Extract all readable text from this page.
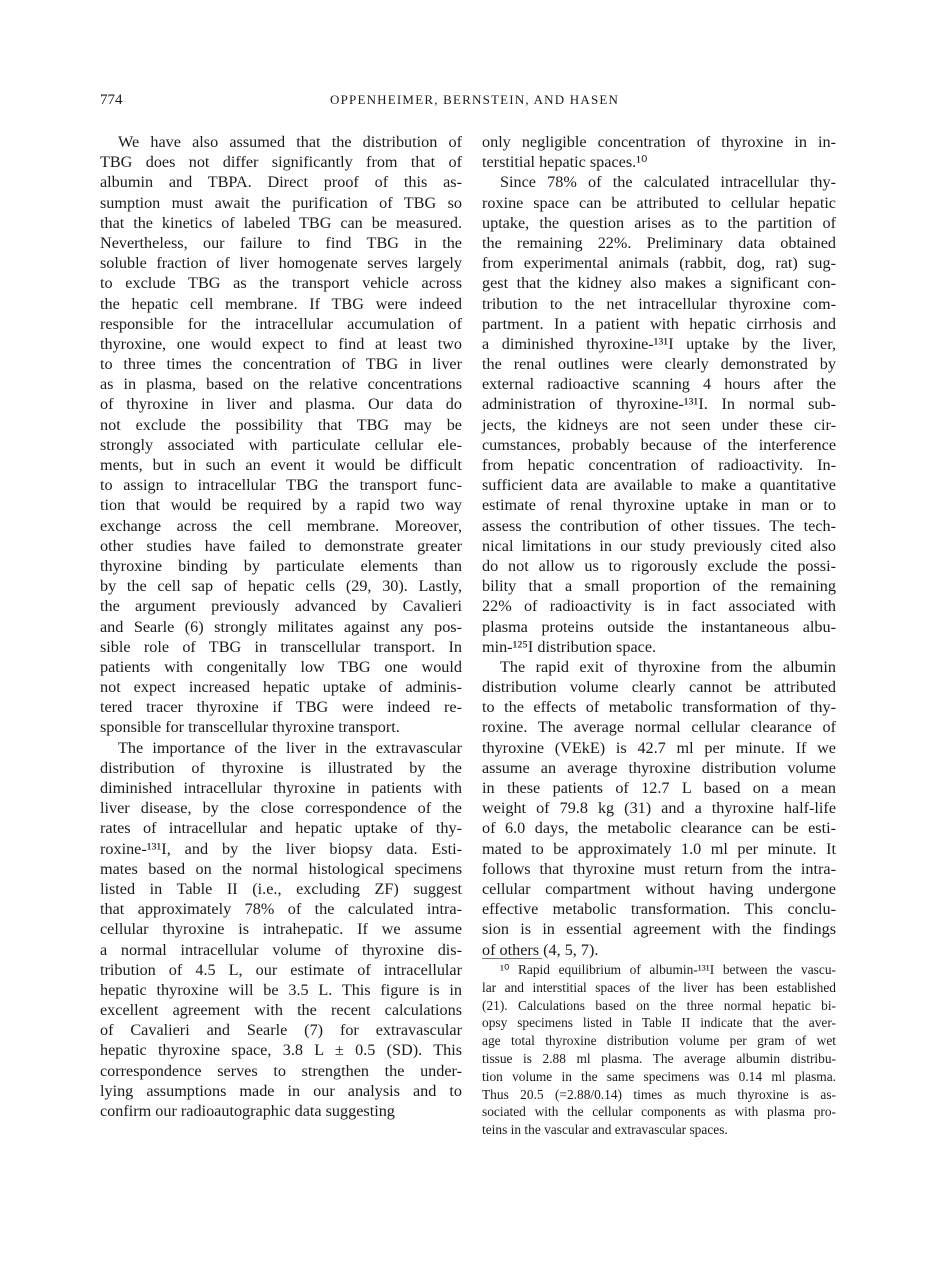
774	OPPENHEIMER, BERNSTEIN, AND HASEN
We have also assumed that the distribution of
TBG does not differ significantly from that of
albumin and TBPA. Direct proof of this as-
sumption must await the purification of TBG so
that the kinetics of labeled TBG can be measured.
Nevertheless, our failure to find TBG in the
soluble fraction of liver homogenate serves largely
to exclude TBG as the transport vehicle across
the hepatic cell membrane. If TBG were indeed
responsible for the intracellular accumulation of
thyroxine, one would expect to find at least two
to three times the concentration of TBG in liver
as in plasma, based on the relative concentrations
of thyroxine in liver and plasma. Our data do
not exclude the possibility that TBG may be
strongly associated with particulate cellular ele-
ments, but in such an event it would be difficult
to assign to intracellular TBG the transport func-
tion that would be required by a rapid two way
exchange across the cell membrane. Moreover,
other studies have failed to demonstrate greater
thyroxine binding by particulate elements than
by the cell sap of hepatic cells (29, 30). Lastly,
the argument previously advanced by Cavalieri
and Searle (6) strongly militates against any pos-
sible role of TBG in transcellular transport. In
patients with congenitally low TBG one would
not expect increased hepatic uptake of adminis-
tered tracer thyroxine if TBG were indeed re-
sponsible for transcellular thyroxine transport.
The importance of the liver in the extravascular
distribution of thyroxine is illustrated by the
diminished intracellular thyroxine in patients with
liver disease, by the close correspondence of the
rates of intracellular and hepatic uptake of thy-
roxine-¹³¹I, and by the liver biopsy data. Esti-
mates based on the normal histological specimens
listed in Table II (i.e., excluding ZF) suggest
that approximately 78% of the calculated intra-
cellular thyroxine is intrahepatic. If we assume
a normal intracellular volume of thyroxine dis-
tribution of 4.5 L, our estimate of intracellular
hepatic thyroxine will be 3.5 L. This figure is in
excellent agreement with the recent calculations
of Cavalieri and Searle (7) for extravascular
hepatic thyroxine space, 3.8 L ± 0.5 (SD). This
correspondence serves to strengthen the under-
lying assumptions made in our analysis and to
confirm our radioautographic data suggesting
only negligible concentration of thyroxine in in-
terstitial hepatic spaces.¹⁰
Since 78% of the calculated intracellular thy-
roxine space can be attributed to cellular hepatic
uptake, the question arises as to the partition of
the remaining 22%. Preliminary data obtained
from experimental animals (rabbit, dog, rat) sug-
gest that the kidney also makes a significant con-
tribution to the net intracellular thyroxine com-
partment. In a patient with hepatic cirrhosis and
a diminished thyroxine-¹³¹I uptake by the liver,
the renal outlines were clearly demonstrated by
external radioactive scanning 4 hours after the
administration of thyroxine-¹³¹I. In normal sub-
jects, the kidneys are not seen under these cir-
cumstances, probably because of the interference
from hepatic concentration of radioactivity. In-
sufficient data are available to make a quantitative
estimate of renal thyroxine uptake in man or to
assess the contribution of other tissues. The tech-
nical limitations in our study previously cited also
do not allow us to rigorously exclude the possi-
bility that a small proportion of the remaining
22% of radioactivity is in fact associated with
plasma proteins outside the instantaneous albu-
min-¹²⁵I distribution space.
The rapid exit of thyroxine from the albumin
distribution volume clearly cannot be attributed
to the effects of metabolic transformation of thy-
roxine. The average normal cellular clearance of
thyroxine (VEkE) is 42.7 ml per minute. If we
assume an average thyroxine distribution volume
in these patients of 12.7 L based on a mean
weight of 79.8 kg (31) and a thyroxine half-life
of 6.0 days, the metabolic clearance can be esti-
mated to be approximately 1.0 ml per minute. It
follows that thyroxine must return from the intra-
cellular compartment without having undergone
effective metabolic transformation. This conclu-
sion is in essential agreement with the findings
of others (4, 5, 7).
¹⁰ Rapid equilibrium of albumin-¹³¹I between the vascu-
lar and interstitial spaces of the liver has been established
(21). Calculations based on the three normal hepatic bi-
opsy specimens listed in Table II indicate that the aver-
age total thyroxine distribution volume per gram of wet
tissue is 2.88 ml plasma. The average albumin distribu-
tion volume in the same specimens was 0.14 ml plasma.
Thus 20.5 (=2.88/0.14) times as much thyroxine is as-
sociated with the cellular components as with plasma pro-
teins in the vascular and extravascular spaces.
